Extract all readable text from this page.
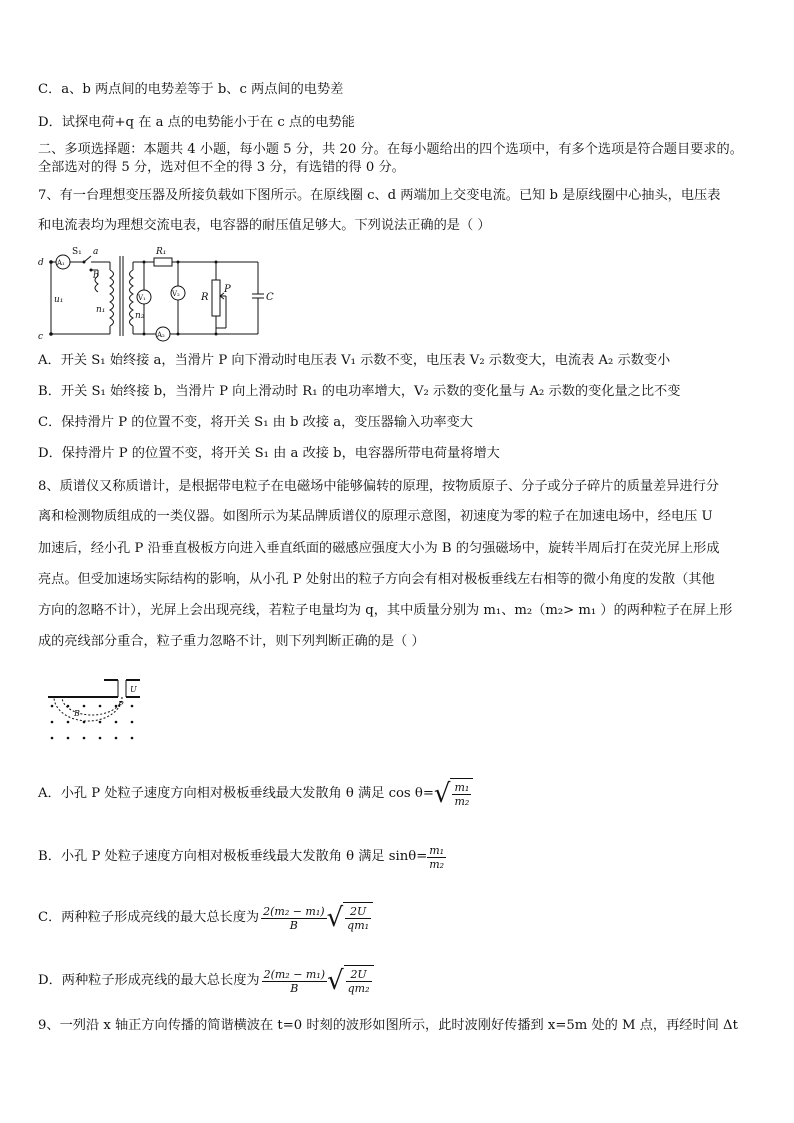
C．a、b 两点间的电势差等于 b、c 两点间的电势差
D．试探电荷+q 在 a 点的电势能小于在 c 点的电势能
二、多项选择题：本题共 4 小题，每小题 5 分，共 20 分。在每小题给出的四个选项中，有多个选项是符合题目要求的。
全部选对的得 5 分，选对但不全的得 3 分，有选错的得 0 分。
7、有一台理想变压器及所接负载如下图所示。在原线圈 c、d 两端加上交变电流。已知 b 是原线圈中心抽头，电压表
和电流表均为理想交流电表，电容器的耐压值足够大。下列说法正确的是（ ）
d
c
A₁
S₁ a
b
u₁
n₁
n₂
R₁
V₁	V₂ R
P
C
A₂
A．开关 S₁ 始终接 a，当滑片 P 向下滑动时电压表 V₁ 示数不变，电压表 V₂ 示数变大，电流表 A₂ 示数变小
B．开关 S₁ 始终接 b，当滑片 P 向上滑动时 R₁ 的电功率增大，V₂ 示数的变化量与 A₂ 示数的变化量之比不变
C．保持滑片 P 的位置不变，将开关 S₁ 由 b 改接 a，变压器输入功率变大
D．保持滑片 P 的位置不变，将开关 S₁ 由 a 改接 b，电容器所带电荷量将增大
8、质谱仪又称质谱计，是根据带电粒子在电磁场中能够偏转的原理，按物质原子、分子或分子碎片的质量差异进行分
离和检测物质组成的一类仪器。如图所示为某品牌质谱仪的原理示意图，初速度为零的粒子在加速电场中，经电压 U
加速后，经小孔 P 沿垂直极板方向进入垂直纸面的磁感应强度大小为 B 的匀强磁场中，旋转半周后打在荧光屏上形成
亮点。但受加速场实际结构的影响，从小孔 P 处射出的粒子方向会有相对极板垂线左右相等的微小角度的发散（其他
方向的忽略不计），光屏上会出现亮线，若粒子电量均为 q，其中质量分别为 m₁、m₂（m₂> m₁ ）的两种粒子在屏上形
成的亮线部分重合，粒子重力忽略不计，则下列判断正确的是（ ）
U
P
B
A．小孔 P 处粒子速度方向相对极板垂线最大发散角 θ 满足 cos θ= √ $\frac{\text{m₁}}{\text{m₂}}$
B．小孔 P 处粒子速度方向相对极板垂线最大发散角 θ 满足 $\sin\theta= \frac{\text{m₁}}{\text{m₂}}$
C．两种粒子形成亮线的最大总长度为 $\frac{\text{2(m₂ − m₁)}}{B}$ √ $\frac{2U}{\text{qm₁}}$
D．两种粒子形成亮线的最大总长度为 $\frac{\text{2(m₂ − m₁)}}{B}$ √ $\frac{2U}{\text{qm₂}}$
9、一列沿 x 轴正方向传播的简谐横波在 t=0 时刻的波形如图所示，此时波刚好传播到 x=5m 处的 M 点，再经时间 Δt
